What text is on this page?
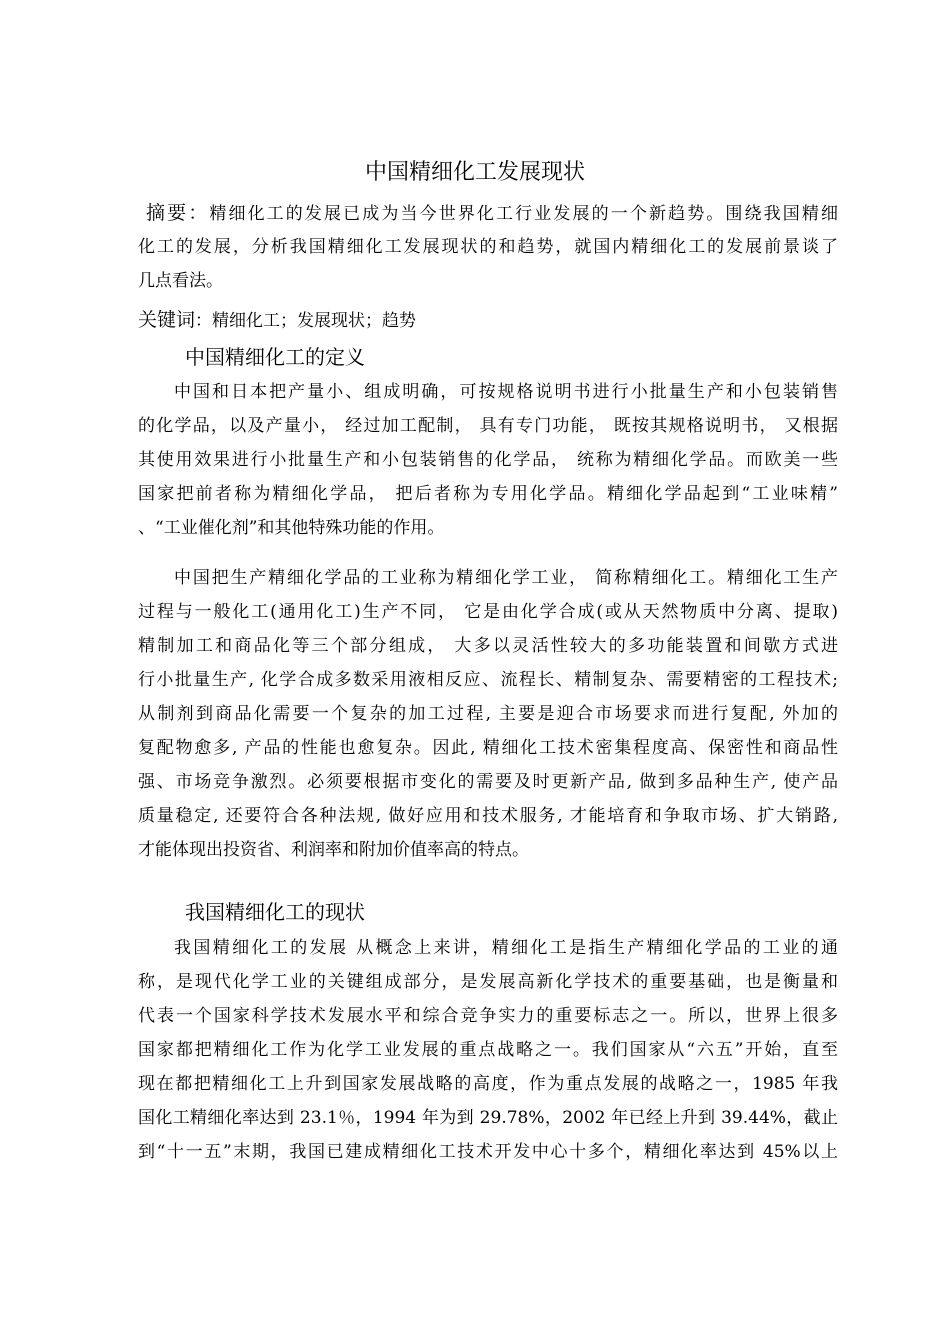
中国精细化工发展现状
摘要：精细化工的发展已成为当今世界化工行业发展的一个新趋势。围绕我国精细
化工的发展，分析我国精细化工发展现状的和趋势，就国内精细化工的发展前景谈了
几点看法。
关键词：精细化工；发展现状；趋势
中国精细化工的定义
中国和日本把产量小、组成明确，可按规格说明书进行小批量生产和小包装销售
的化学品，以及产量小， 经过加工配制， 具有专门功能， 既按其规格说明书， 又根据
其使用效果进行小批量生产和小包装销售的化学品， 统称为精细化学品。而欧美一些
国家把前者称为精细化学品， 把后者称为专用化学品。精细化学品起到“工业味精”
、“工业催化剂”和其他特殊功能的作用。
中国把生产精细化学品的工业称为精细化学工业， 简称精细化工。精细化工生产
过程与一般化工(通用化工)生产不同， 它是由化学合成(或从天然物质中分离、提取)
精制加工和商品化等三个部分组成， 大多以灵活性较大的多功能装置和间歇方式进
行小批量生产, 化学合成多数采用液相反应、流程长、精制复杂、需要精密的工程技术;
从制剂到商品化需要一个复杂的加工过程, 主要是迎合市场要求而进行复配, 外加的
复配物愈多, 产品的性能也愈复杂。因此, 精细化工技术密集程度高、保密性和商品性
强、市场竞争激烈。必须要根据市变化的需要及时更新产品, 做到多品种生产, 使产品
质量稳定, 还要符合各种法规, 做好应用和技术服务, 才能培育和争取市场、扩大销路,
才能体现出投资省、利润率和附加价值率高的特点。
我国精细化工的现状
我国精细化工的发展 从概念上来讲，精细化工是指生产精细化学品的工业的通
称，是现代化学工业的关键组成部分，是发展高新化学技术的重要基础，也是衡量和
代表一个国家科学技术发展水平和综合竞争实力的重要标志之一。所以，世界上很多
国家都把精细化工作为化学工业发展的重点战略之一。我们国家从“六五”开始，直至
现在都把精细化工上升到国家发展战略的高度，作为重点发展的战略之一，1985 年我
国化工精细化率达到 23.1％，1994 年为到 29.78%，2002 年已经上升到 39.44%，截止
到“十一五”末期，我国已建成精细化工技术开发中心十多个，精细化率达到 45%以上
